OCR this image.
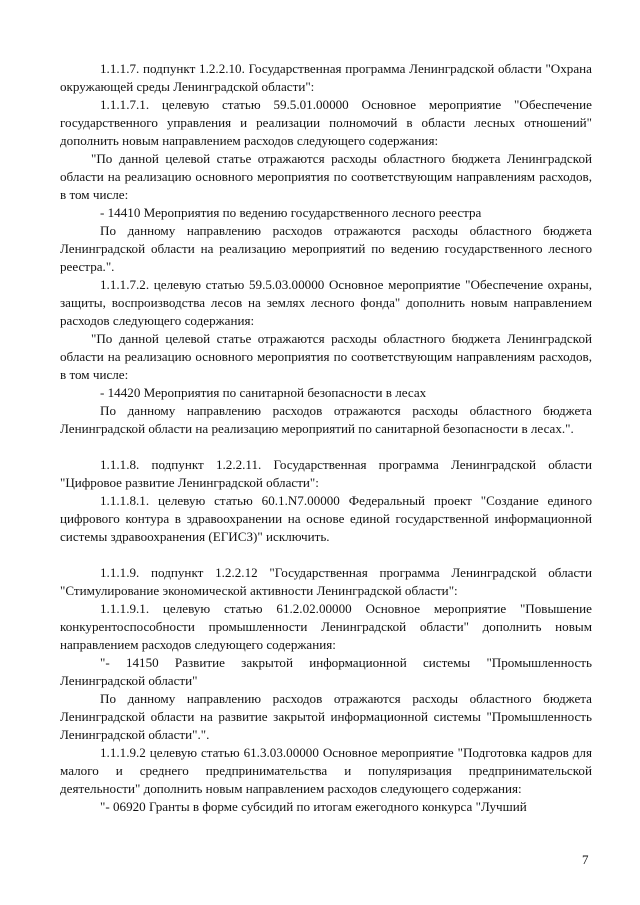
1.1.1.7. подпункт 1.2.2.10. Государственная программа Ленинградской области "Охрана окружающей среды Ленинградской области":

1.1.1.7.1. целевую статью 59.5.01.00000 Основное мероприятие "Обеспечение государственного управления и реализации полномочий в области лесных отношений" дополнить новым направлением расходов следующего содержания:

"По данной целевой статье отражаются расходы областного бюджета Ленинградской области на реализацию основного мероприятия по соответствующим направлениям расходов, в том числе:

- 14410 Мероприятия по ведению государственного лесного реестра

По данному направлению расходов отражаются расходы областного бюджета Ленинградской области на реализацию мероприятий по ведению государственного лесного реестра.".

1.1.1.7.2. целевую статью 59.5.03.00000 Основное мероприятие "Обеспечение охраны, защиты, воспроизводства лесов на землях лесного фонда" дополнить новым направлением расходов следующего содержания:

"По данной целевой статье отражаются расходы областного бюджета Ленинградской области на реализацию основного мероприятия по соответствующим направлениям расходов, в том числе:

- 14420 Мероприятия по санитарной безопасности в лесах

По данному направлению расходов отражаются расходы областного бюджета Ленинградской области на реализацию мероприятий по санитарной безопасности в лесах.".

1.1.1.8. подпункт 1.2.2.11. Государственная программа Ленинградской области "Цифровое развитие Ленинградской области":

1.1.1.8.1. целевую статью 60.1.N7.00000 Федеральный проект "Создание единого цифрового контура в здравоохранении на основе единой государственной информационной системы здравоохранения (ЕГИСЗ)" исключить.

1.1.1.9. подпункт 1.2.2.12 "Государственная программа Ленинградской области "Стимулирование экономической активности Ленинградской области":

1.1.1.9.1. целевую статью 61.2.02.00000 Основное мероприятие "Повышение конкурентоспособности промышленности Ленинградской области" дополнить новым направлением расходов следующего содержания:

"- 14150 Развитие закрытой информационной системы "Промышленность Ленинградской области"

По данному направлению расходов отражаются расходы областного бюджета Ленинградской области на развитие закрытой информационной системы "Промышленность Ленинградской области".".

1.1.1.9.2 целевую статью 61.3.03.00000 Основное мероприятие "Подготовка кадров для малого и среднего предпринимательства и популяризация предпринимательской деятельности" дополнить новым направлением расходов следующего содержания:

"- 06920 Гранты в форме субсидий по итогам ежегодного конкурса "Лучший

7
